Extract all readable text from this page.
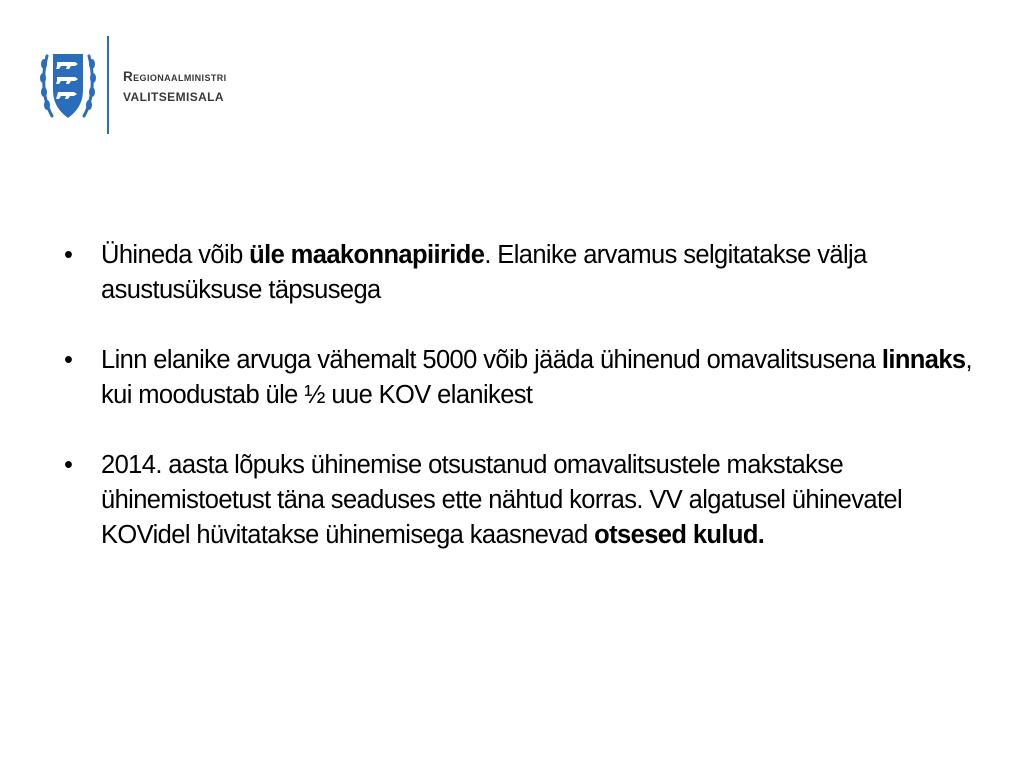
Regionaalministri
VALITSEMISALA
• Ühineda võib üle maakonnapiiride. Elanike arvamus selgitatakse välja asustusüksuse täpsusega
• Linn elanike arvuga vähemalt 5000 võib jääda ühinenud omavalitsusena linnaks, kui moodustab üle ½ uue KOV elanikest
• 2014. aasta lõpuks ühinemise otsustanud omavalitsustele makstakse ühinemistoetust täna seaduses ette nähtud korras. VV algatusel ühinevatel KOVidel hüvitatakse ühinemisega kaasnevad otsesed kulud.
